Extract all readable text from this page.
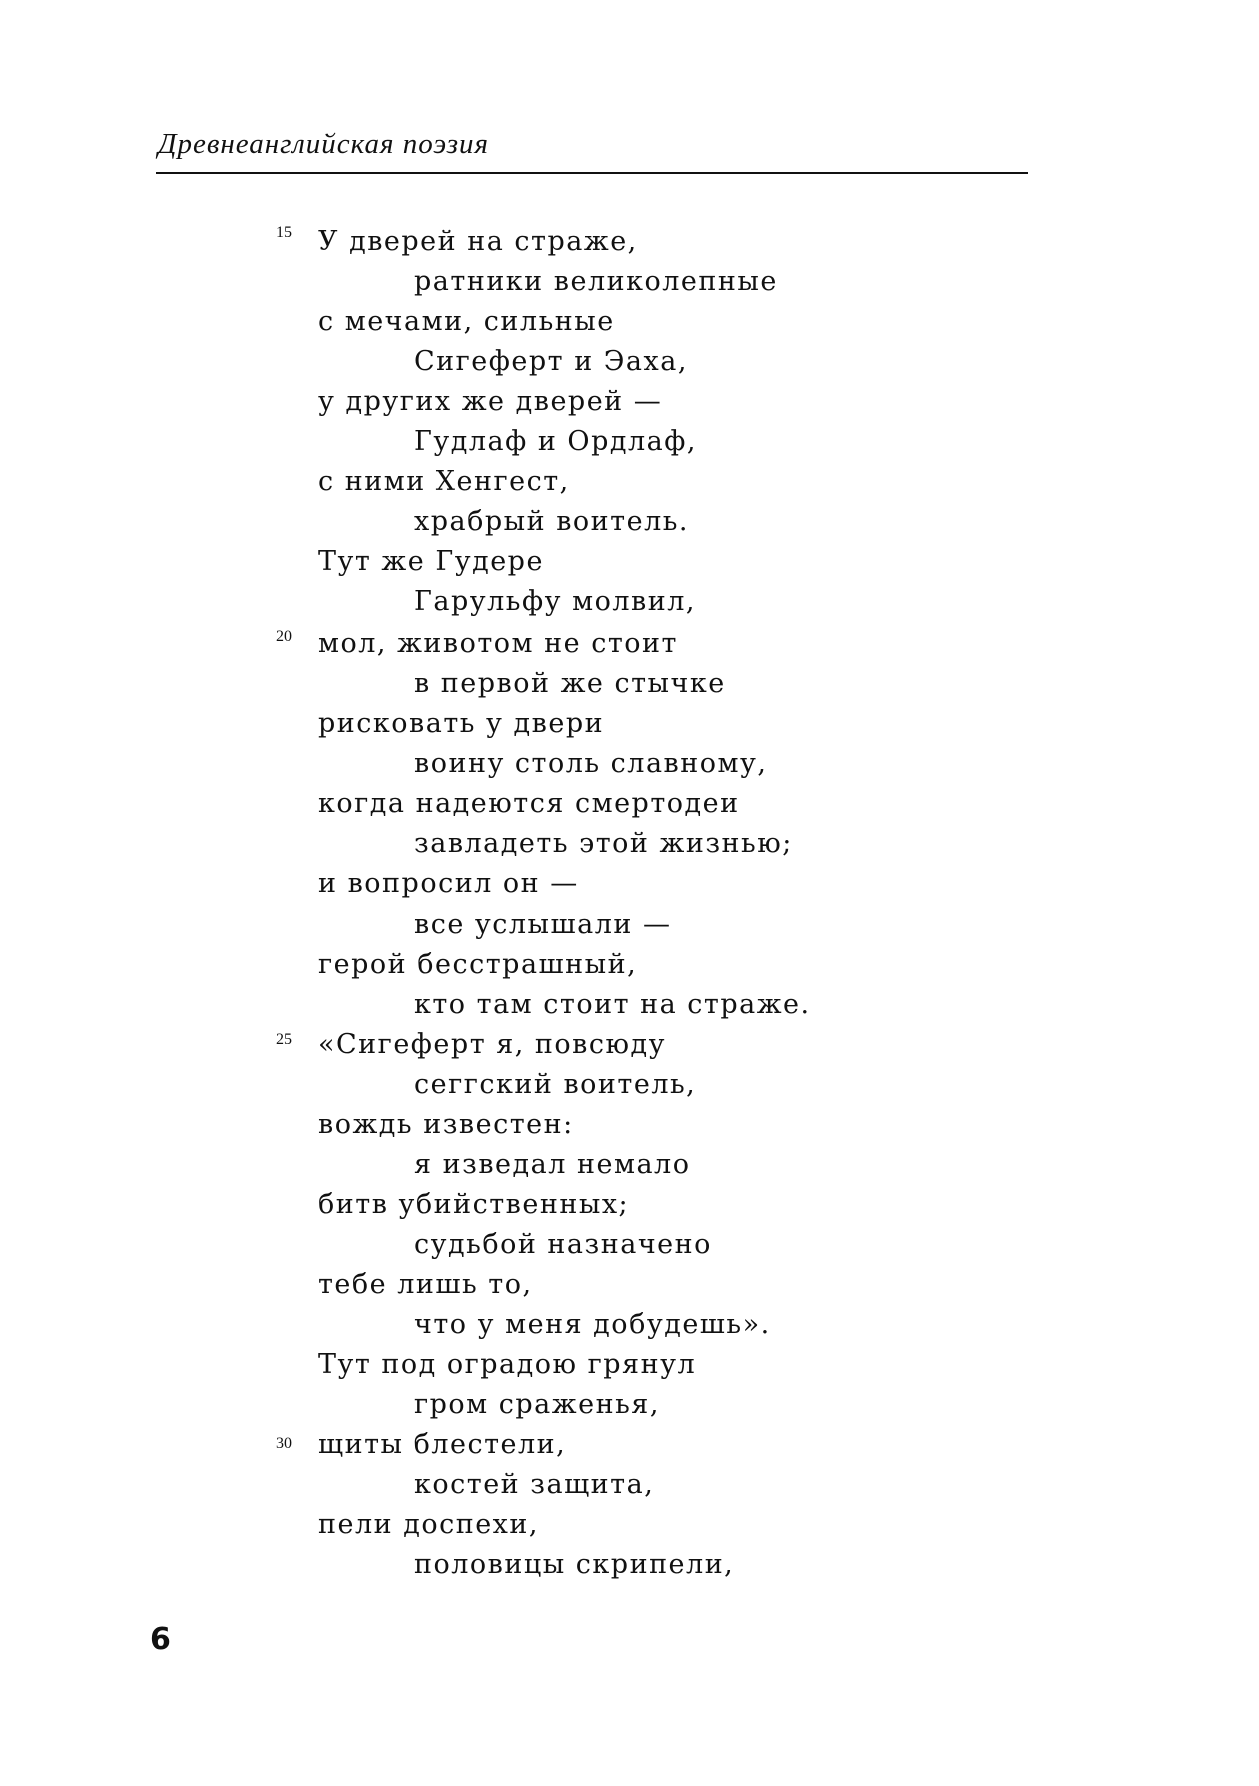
Древнеанглийская поэзия
15
20
25
30
У дверей на страже,
ратники великолепные
с мечами, сильные
Сигеферт и Эаха,
у других же дверей —
Гудлаф и Ордлаф,
с ними Хенгест,
храбрый воитель.
Тут же Гудере
Гарульфу молвил,
мол, животом не стоит
в первой же стычке
рисковать у двери
воину столь славному,
когда надеются смертодеи
завладеть этой жизнью;
и вопросил он —
все услышали —
герой бесстрашный,
кто там стоит на страже.
«Сигеферт я, повсюду
сеггский воитель,
вождь известен:
я изведал немало
битв убийственных;
судьбой назначено
тебе лишь то,
что у меня добудешь».
Тут под оградою грянул
гром сраженья,
щиты блестели,
костей защита,
пели доспехи,
половицы скрипели,
6
